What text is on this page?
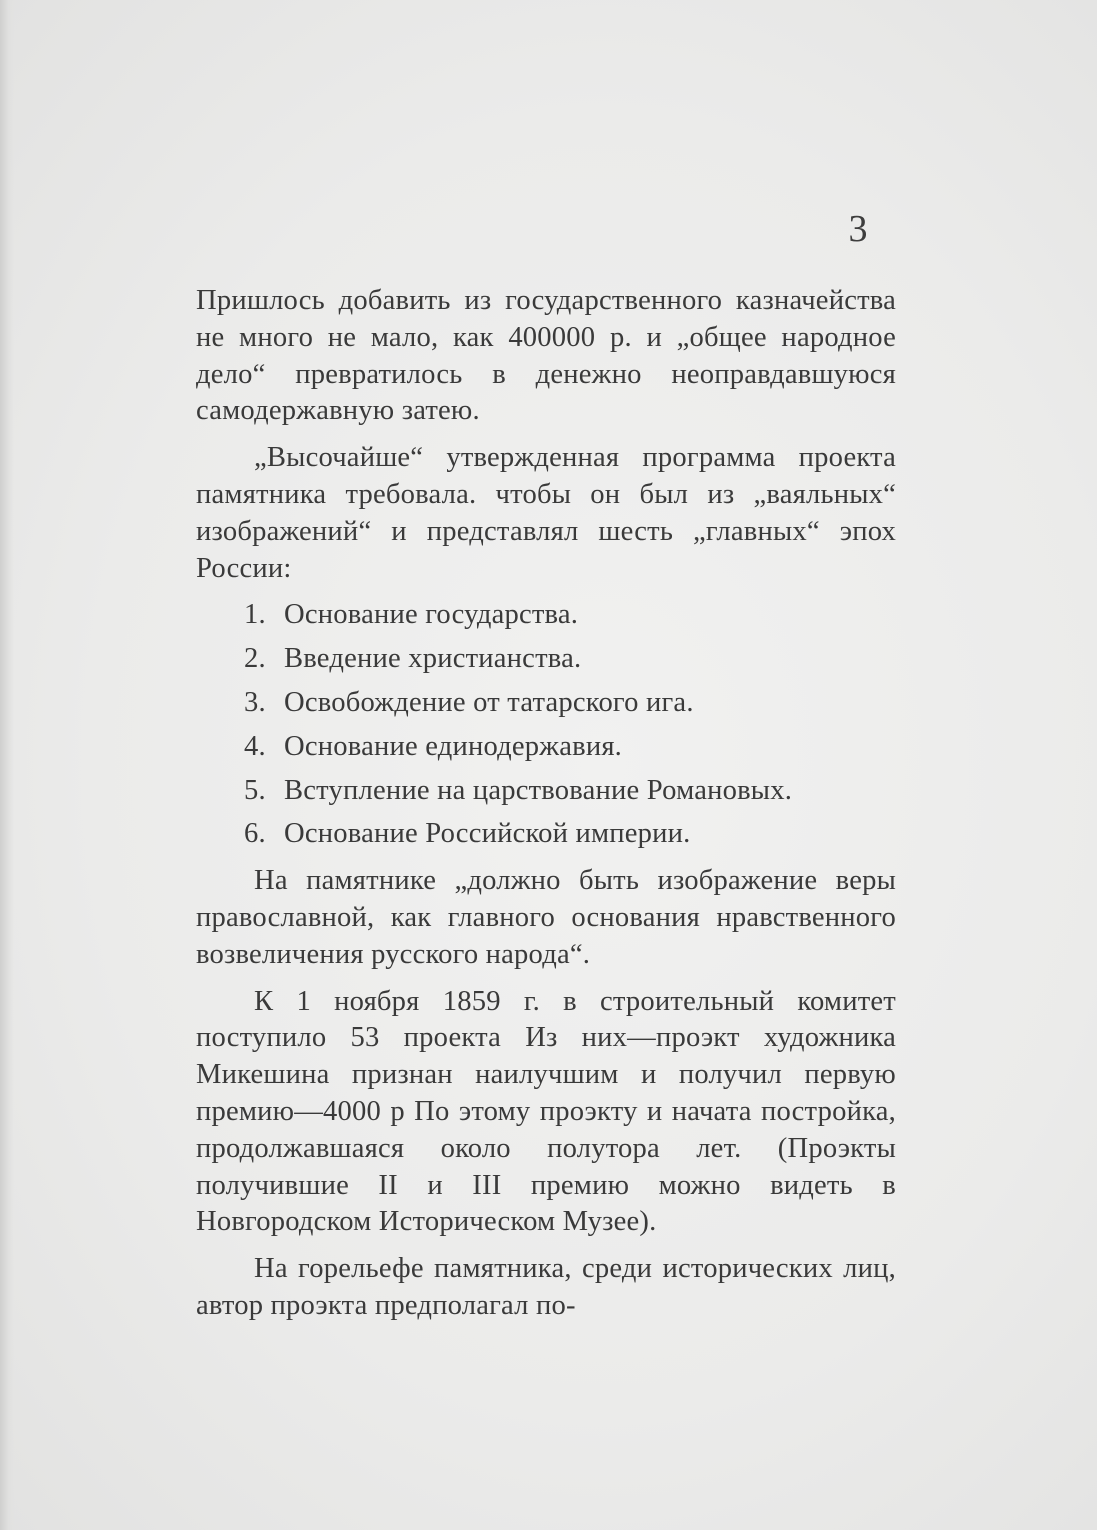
3

Пришлось добавить из государственного казначейства не много не мало, как 400000 р. и „общее народное дело“ превратилось в денежно неоправдавшуюся самодержавную затею.

„Высочайше“ утвержденная программа проекта памятника требовала. чтобы он был из „ваяльных“ изображений“ и представлял шесть „главных“ эпох России:

1. Основание государства.
2. Введение христианства.
3. Освобождение от татарского ига.
4. Основание единодержавия.
5. Вступление на царствование Романовых.
6. Основание Российской империи.

На памятнике „должно быть изображение веры православной, как главного основания нравственного возвеличения русского народа“.

К 1 ноября 1859 г. в строительный комитет поступило 53 проекта Из них—проэкт художника Микешина признан наилучшим и получил первую премию—4000 р По этому проэкту и начата постройка, продолжавшаяся около полутора лет. (Проэкты получившие II и III премию можно видеть в Новгородском Историческом Музее).

На горельефе памятника, среди исторических лиц, автор проэкта предполагал по-
